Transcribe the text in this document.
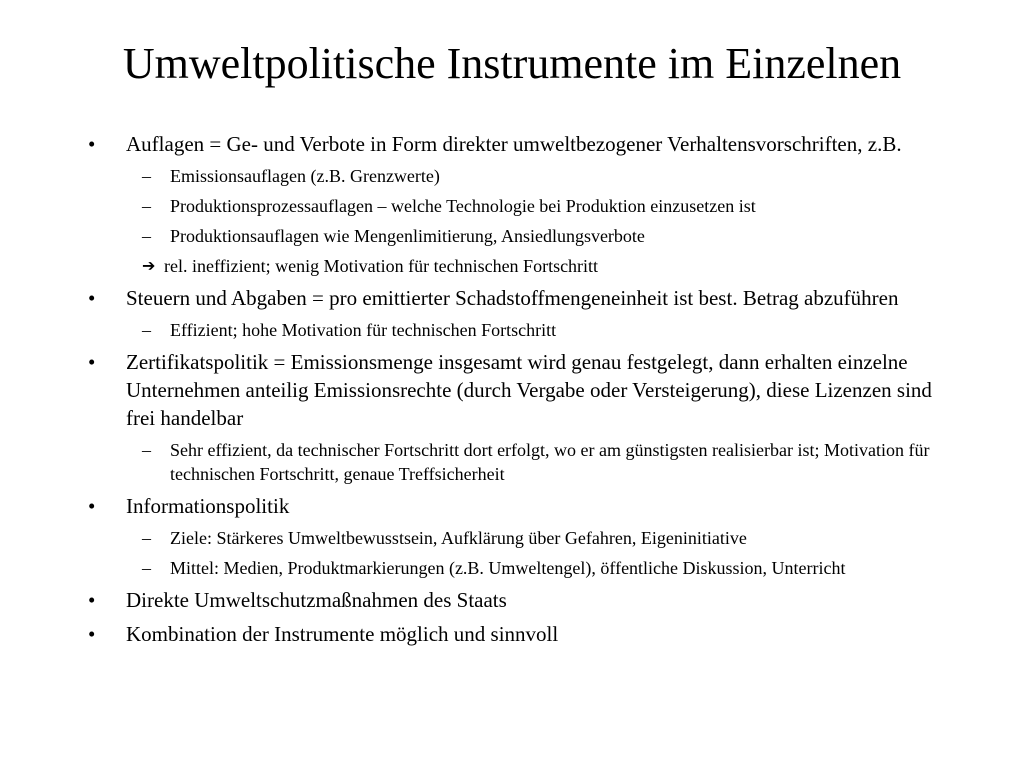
Umweltpolitische Instrumente im Einzelnen
• Auflagen = Ge- und Verbote in Form direkter umweltbezogener Verhaltensvorschriften, z.B.
– Emissionsauflagen (z.B. Grenzwerte)
– Produktionsprozessauflagen – welche Technologie bei Produktion einzusetzen ist
– Produktionsauflagen wie Mengenlimitierung, Ansiedlungsverbote
➔ rel. ineffizient; wenig Motivation für technischen Fortschritt
• Steuern und Abgaben = pro emittierter Schadstoffmengeneinheit ist best. Betrag abzuführen
– Effizient; hohe Motivation für technischen Fortschritt
• Zertifikatspolitik = Emissionsmenge insgesamt wird genau festgelegt, dann erhalten einzelne Unternehmen anteilig Emissionsrechte (durch Vergabe oder Versteigerung), diese Lizenzen sind frei handelbar
– Sehr effizient, da technischer Fortschritt dort erfolgt, wo er am günstigsten realisierbar ist; Motivation für technischen Fortschritt, genaue Treffsicherheit
• Informationspolitik
– Ziele: Stärkeres Umweltbewusstsein, Aufklärung über Gefahren, Eigeninitiative
– Mittel: Medien, Produktmarkierungen (z.B. Umweltengel), öffentliche Diskussion, Unterricht
• Direkte Umweltschutzmaßnahmen des Staats
• Kombination der Instrumente möglich und sinnvoll
